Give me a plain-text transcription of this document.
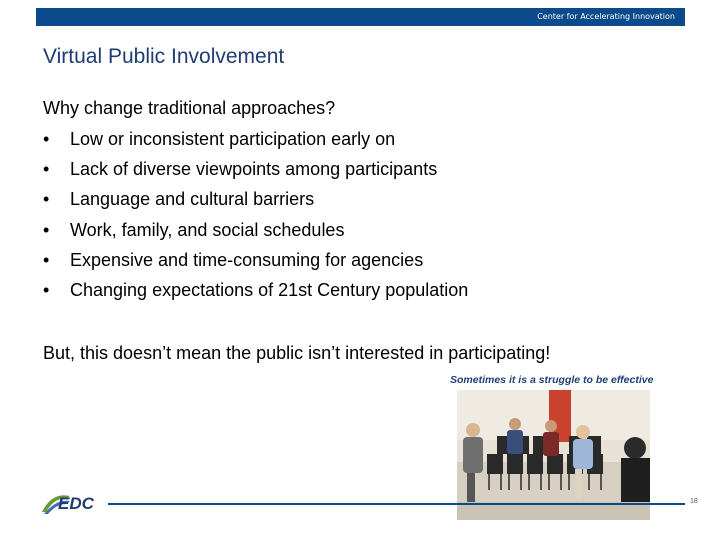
Center for Accelerating Innovation
Virtual Public Involvement
Why change traditional approaches?
•	Low or inconsistent participation early on
•	Lack of diverse viewpoints among participants
•	Language and cultural barriers
•	Work, family, and social schedules
•	Expensive and time-consuming for agencies
•	Changing expectations of 21st Century population
But, this doesn’t mean the public isn’t interested in participating!
Sometimes it is a struggle to be effective
EDC	18
